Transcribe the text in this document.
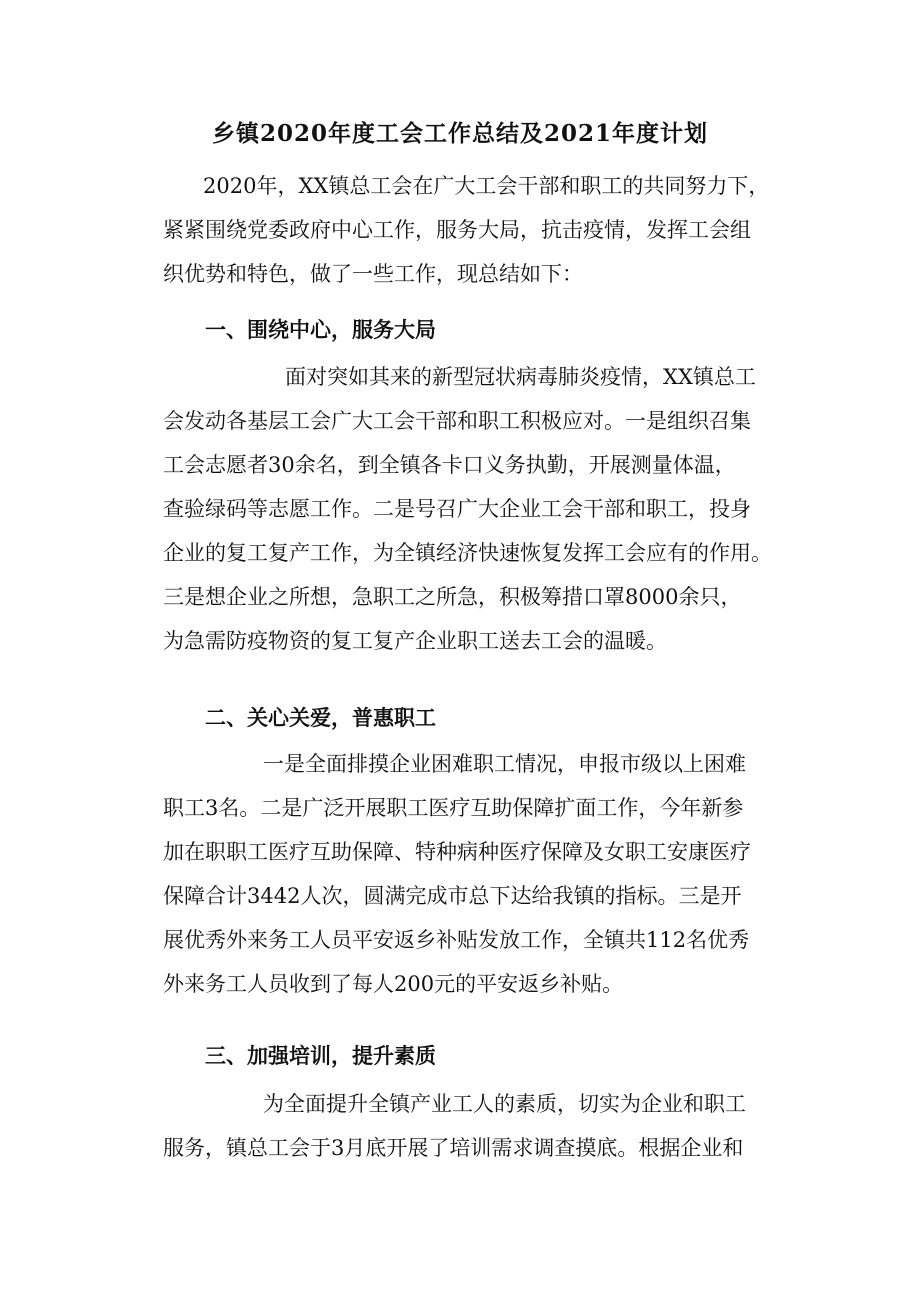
乡镇2020年度工会工作总结及2021年度计划

2020年，XX镇总工会在广大工会干部和职工的共同努力下，
紧紧围绕党委政府中心工作，服务大局，抗击疫情，发挥工会组
织优势和特色，做了一些工作，现总结如下：

一、围绕中心，服务大局

面对突如其来的新型冠状病毒肺炎疫情，XX镇总工
会发动各基层工会广大工会干部和职工积极应对。一是组织召集
工会志愿者30余名，到全镇各卡口义务执勤，开展测量体温，
查验绿码等志愿工作。二是号召广大企业工会干部和职工，投身
企业的复工复产工作，为全镇经济快速恢复发挥工会应有的作用。
三是想企业之所想，急职工之所急，积极筹措口罩8000余只，
为急需防疫物资的复工复产企业职工送去工会的温暖。

二、关心关爱，普惠职工

一是全面排摸企业困难职工情况，申报市级以上困难
职工3名。二是广泛开展职工医疗互助保障扩面工作，今年新参
加在职职工医疗互助保障、特种病种医疗保障及女职工安康医疗
保障合计3442人次，圆满完成市总下达给我镇的指标。三是开
展优秀外来务工人员平安返乡补贴发放工作，全镇共112名优秀
外来务工人员收到了每人200元的平安返乡补贴。

三、加强培训，提升素质

为全面提升全镇产业工人的素质，切实为企业和职工
服务，镇总工会于3月底开展了培训需求调查摸底。根据企业和
